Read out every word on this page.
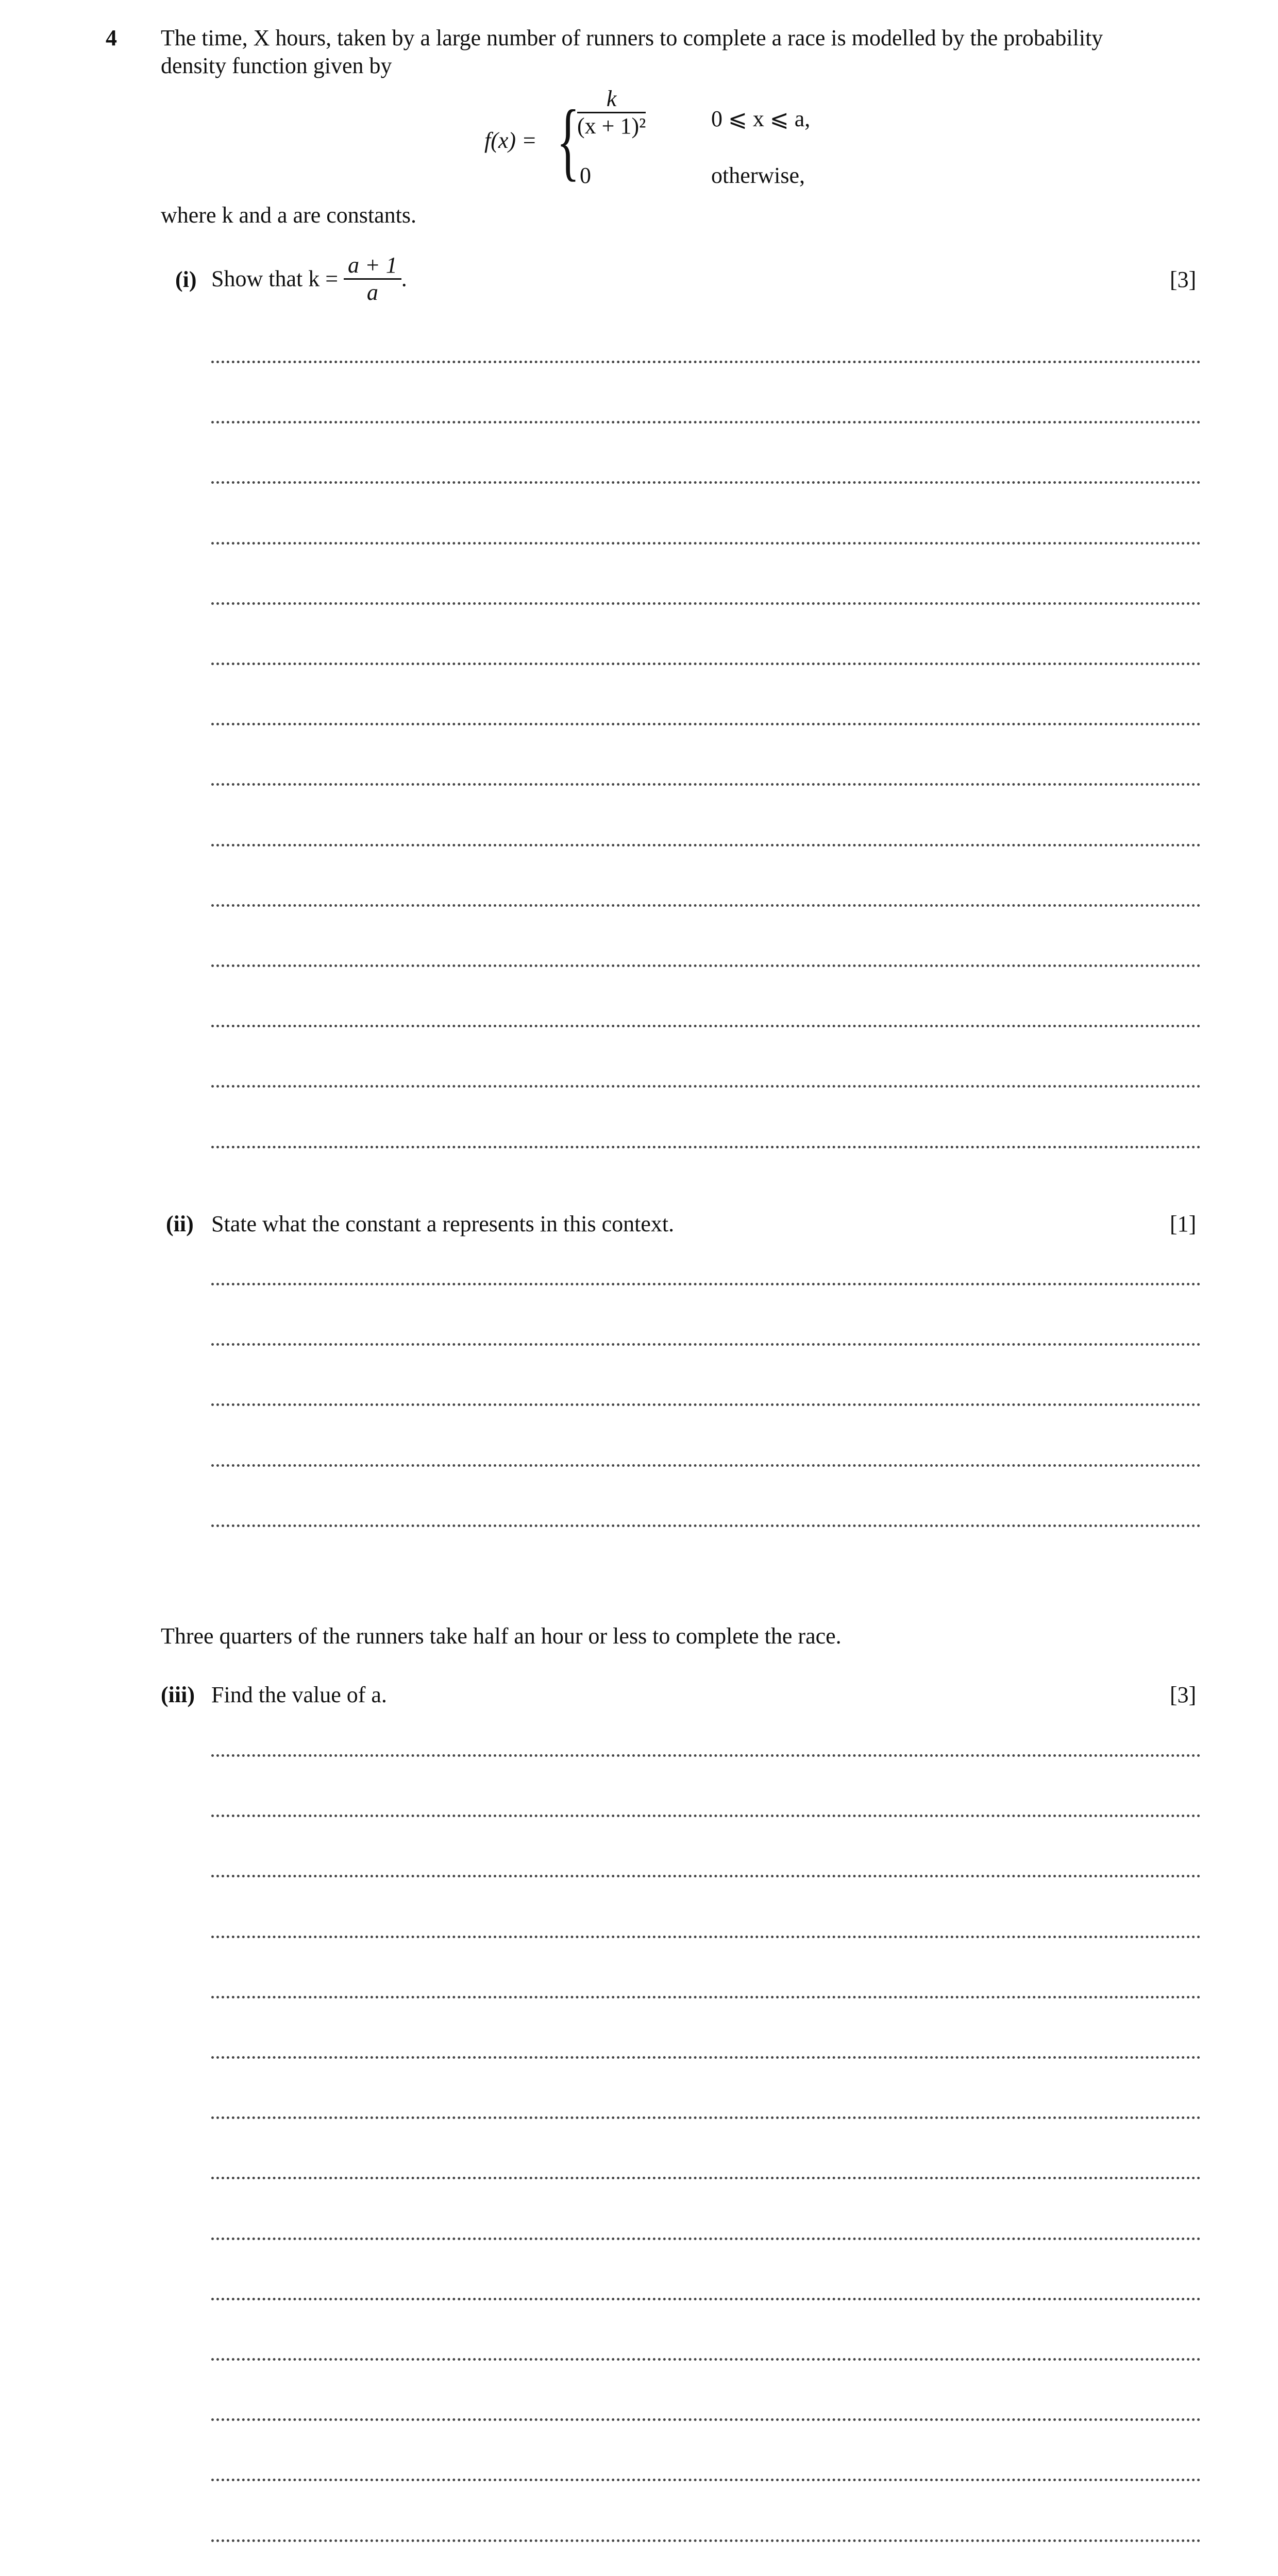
4 The time, X hours, taken by a large number of runners to complete a race is modelled by the probability
density function given by
f(x) = {
$\frac{k}{\text{(x + 1)²}}$	0 ⩽ x ⩽ a,
0	otherwise,
where k and a are constants.
(i) Show that $k = \frac{a + 1}{a}$ .	[3]
(ii) State what the constant a represents in this context.	[1]
Three quarters of the runners take half an hour or less to complete the race.
(iii) Find the value of a.	[3]
